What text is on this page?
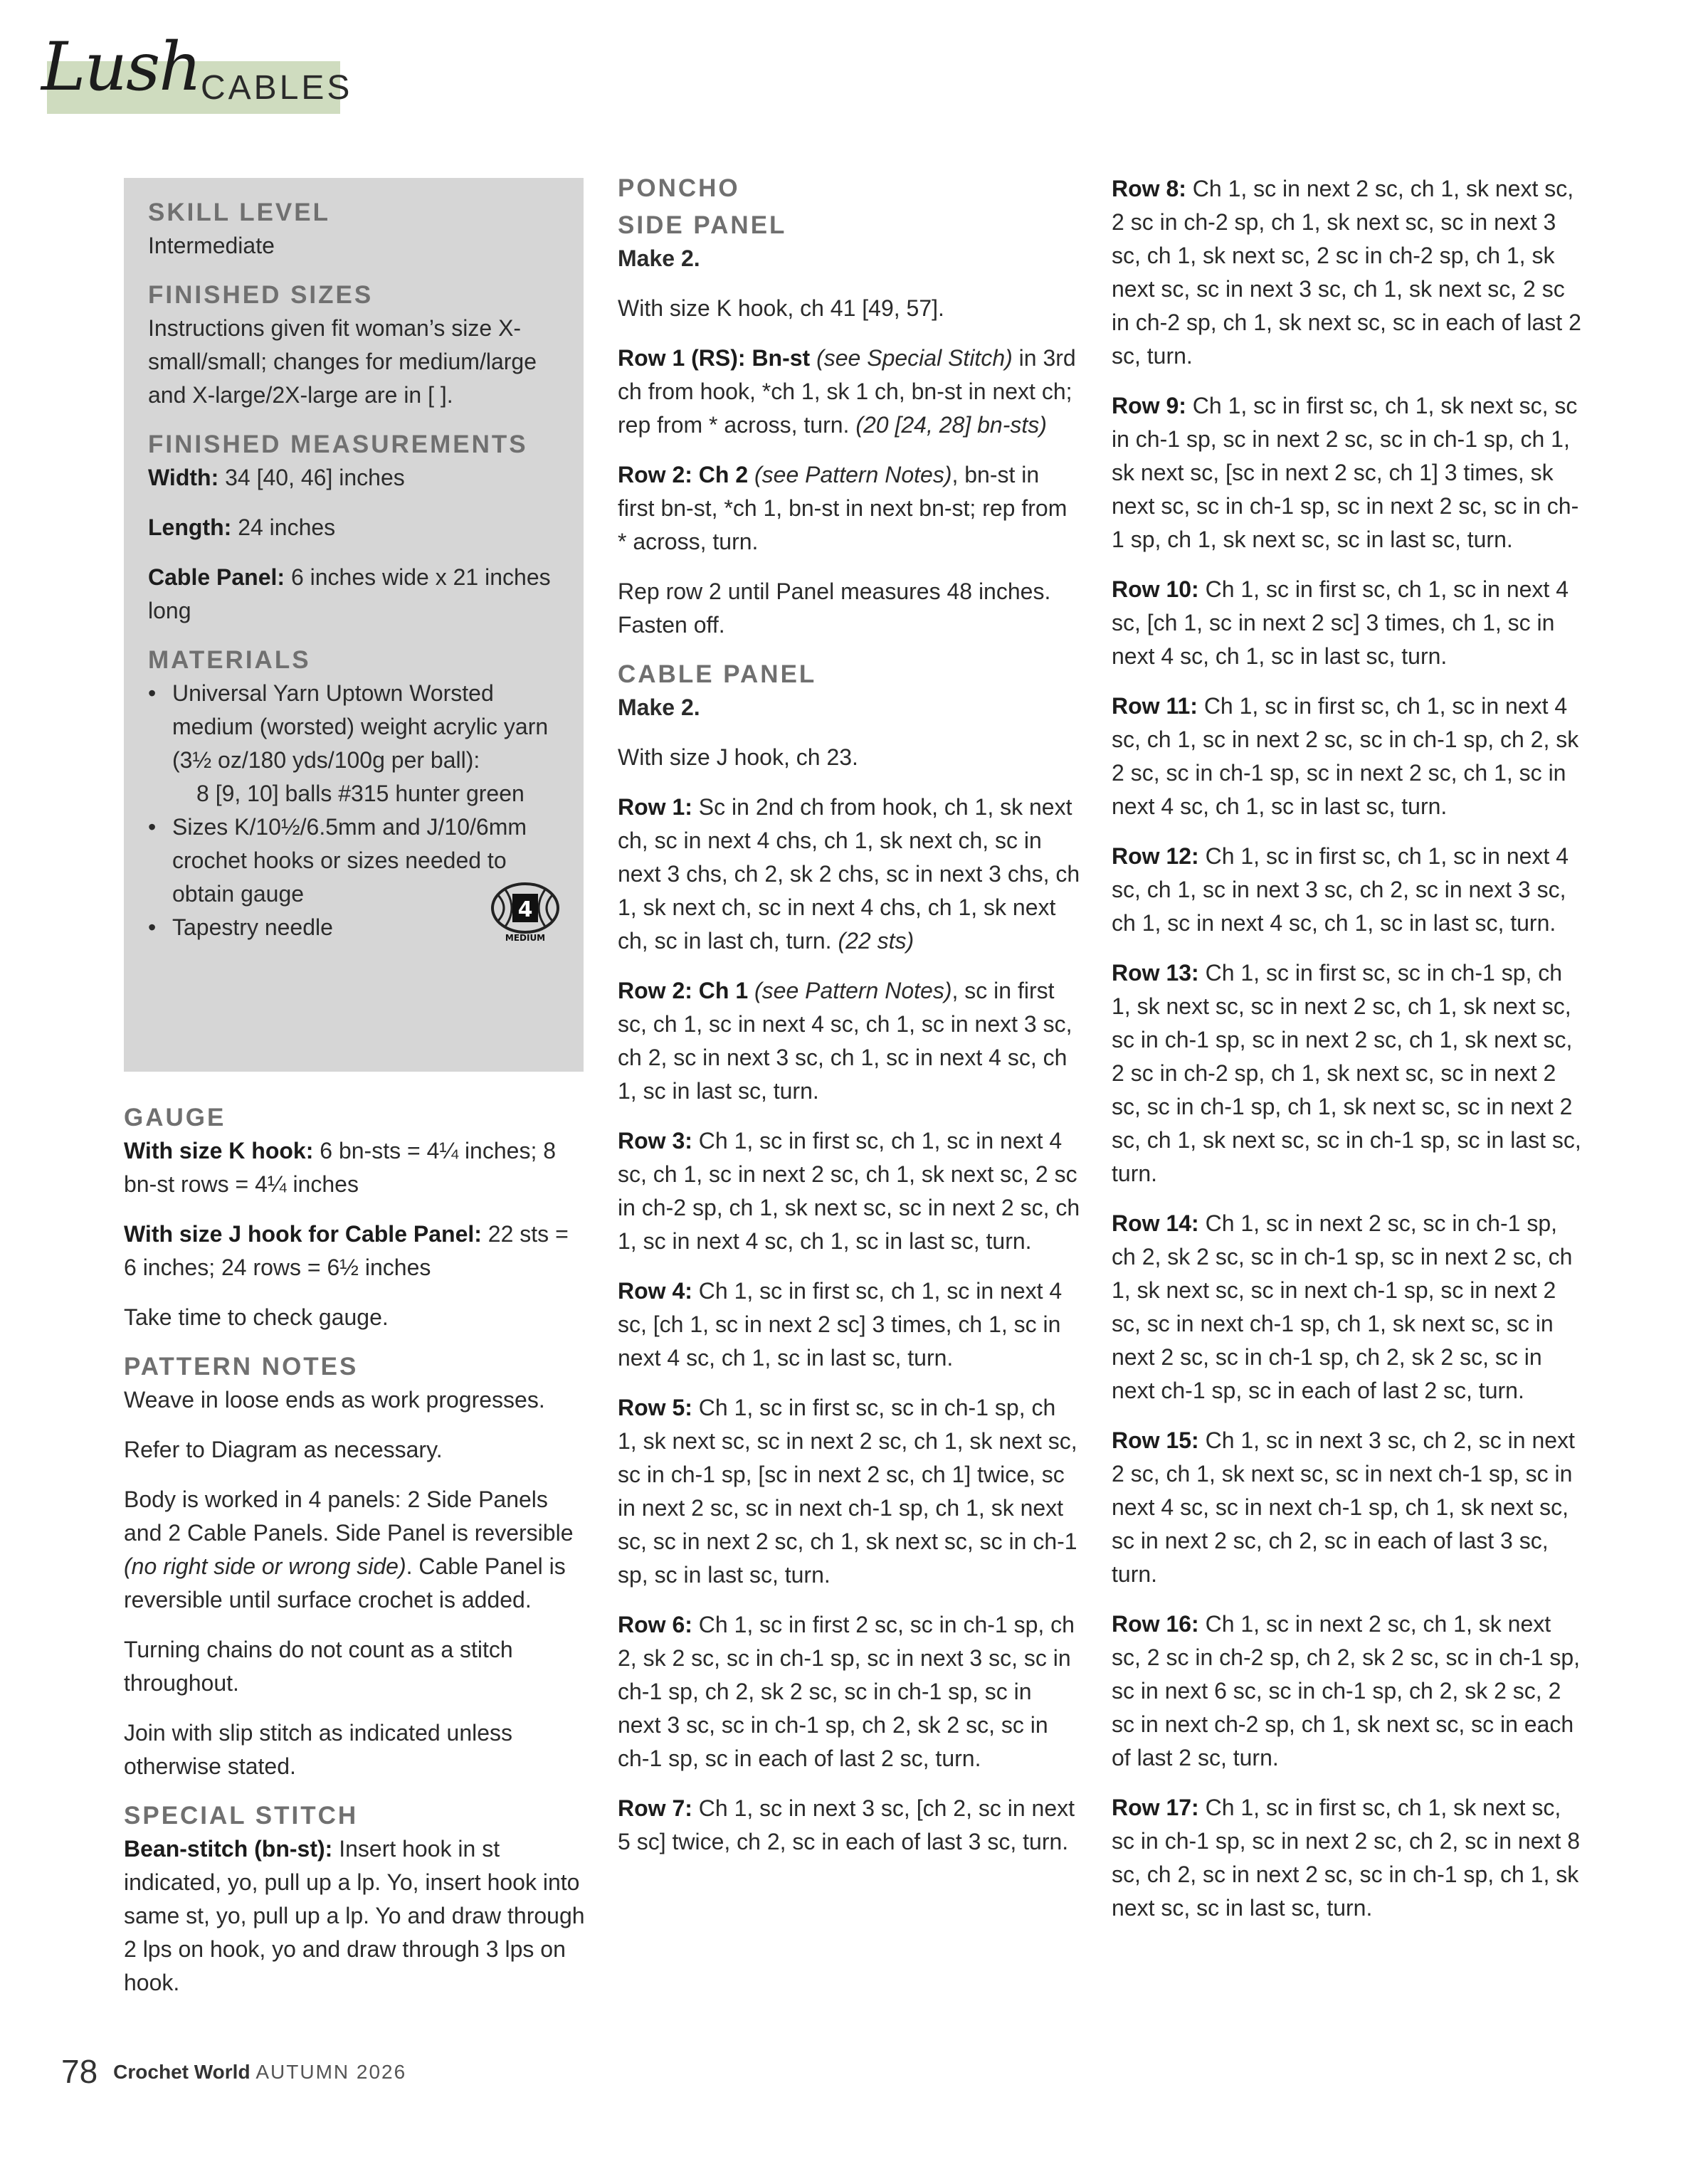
Lush CABLES
SKILL LEVEL

Intermediate

FINISHED SIZES

Instructions given fit woman’s size X-small/small; changes for medium/large and X-large/2X-large are in [ ].

FINISHED MEASUREMENTS

Width: 34 [40, 46] inches

Length: 24 inches

Cable Panel: 6 inches wide x 21 inches long

MATERIALS
• Universal Yarn Uptown Worsted medium (worsted) weight acrylic yarn (3½ oz/180 yds/100g per ball):
8 [9, 10] balls #315 hunter green
• Sizes K/10½/6.5mm and J/10/6mm crochet hooks or sizes needed to obtain gauge
• Tapestry needle
4
MEDIUM
GAUGE

With size K hook: 6 bn-sts = 4¼ inches; 8 bn-st rows = 4¼ inches

With size J hook for Cable Panel: 22 sts = 6 inches; 24 rows = 6½ inches

Take time to check gauge.

PATTERN NOTES

Weave in loose ends as work progresses.

Refer to Diagram as necessary.

Body is worked in 4 panels: 2 Side Panels and 2 Cable Panels. Side Panel is reversible (no right side or wrong side). Cable Panel is reversible until surface crochet is added.

Turning chains do not count as a stitch throughout.

Join with slip stitch as indicated unless otherwise stated.

SPECIAL STITCH

Bean-stitch (bn-st): Insert hook in st indicated, yo, pull up a lp. Yo, insert hook into same st, yo, pull up a lp. Yo and draw through 2 lps on hook, yo and draw through 3 lps on hook.

PONCHO
SIDE PANEL

Make 2.

With size K hook, ch 41 [49, 57].

Row 1 (RS): Bn-st (see Special Stitch) in 3rd ch from hook, *ch 1, sk 1 ch, bn-st in next ch; rep from * across, turn. (20 [24, 28] bn-sts)

Row 2: Ch 2 (see Pattern Notes), bn-st in first bn-st, *ch 1, bn-st in next bn-st; rep from * across, turn.

Rep row 2 until Panel measures 48 inches. Fasten off.

CABLE PANEL

Make 2.

With size J hook, ch 23.

Row 1: Sc in 2nd ch from hook, ch 1, sk next ch, sc in next 4 chs, ch 1, sk next ch, sc in next 3 chs, ch 2, sk 2 chs, sc in next 3 chs, ch 1, sk next ch, sc in next 4 chs, ch 1, sk next ch, sc in last ch, turn. (22 sts)

Row 2: Ch 1 (see Pattern Notes), sc in first sc, ch 1, sc in next 4 sc, ch 1, sc in next 3 sc, ch 2, sc in next 3 sc, ch 1, sc in next 4 sc, ch 1, sc in last sc, turn.

Row 3: Ch 1, sc in first sc, ch 1, sc in next 4 sc, ch 1, sc in next 2 sc, ch 1, sk next sc, 2 sc in ch-2 sp, ch 1, sk next sc, sc in next 2 sc, ch 1, sc in next 4 sc, ch 1, sc in last sc, turn.

Row 4: Ch 1, sc in first sc, ch 1, sc in next 4 sc, [ch 1, sc in next 2 sc] 3 times, ch 1, sc in next 4 sc, ch 1, sc in last sc, turn.

Row 5: Ch 1, sc in first sc, sc in ch-1 sp, ch 1, sk next sc, sc in next 2 sc, ch 1, sk next sc, sc in ch-1 sp, [sc in next 2 sc, ch 1] twice, sc in next 2 sc, sc in next ch-1 sp, ch 1, sk next sc, sc in next 2 sc, ch 1, sk next sc, sc in ch-1 sp, sc in last sc, turn.

Row 6: Ch 1, sc in first 2 sc, sc in ch-1 sp, ch 2, sk 2 sc, sc in ch-1 sp, sc in next 3 sc, sc in ch-1 sp, ch 2, sk 2 sc, sc in ch-1 sp, sc in next 3 sc, sc in ch-1 sp, ch 2, sk 2 sc, sc in ch-1 sp, sc in each of last 2 sc, turn.

Row 7: Ch 1, sc in next 3 sc, [ch 2, sc in next 5 sc] twice, ch 2, sc in each of last 3 sc, turn.

Row 8: Ch 1, sc in next 2 sc, ch 1, sk next sc, 2 sc in ch-2 sp, ch 1, sk next sc, sc in next 3 sc, ch 1, sk next sc, 2 sc in ch-2 sp, ch 1, sk next sc, sc in next 3 sc, ch 1, sk next sc, 2 sc in ch-2 sp, ch 1, sk next sc, sc in each of last 2 sc, turn.

Row 9: Ch 1, sc in first sc, ch 1, sk next sc, sc in ch-1 sp, sc in next 2 sc, sc in ch-1 sp, ch 1, sk next sc, [sc in next 2 sc, ch 1] 3 times, sk next sc, sc in ch-1 sp, sc in next 2 sc, sc in ch-1 sp, ch 1, sk next sc, sc in last sc, turn.

Row 10: Ch 1, sc in first sc, ch 1, sc in next 4 sc, [ch 1, sc in next 2 sc] 3 times, ch 1, sc in next 4 sc, ch 1, sc in last sc, turn.

Row 11: Ch 1, sc in first sc, ch 1, sc in next 4 sc, ch 1, sc in next 2 sc, sc in ch-1 sp, ch 2, sk 2 sc, sc in ch-1 sp, sc in next 2 sc, ch 1, sc in next 4 sc, ch 1, sc in last sc, turn.

Row 12: Ch 1, sc in first sc, ch 1, sc in next 4 sc, ch 1, sc in next 3 sc, ch 2, sc in next 3 sc, ch 1, sc in next 4 sc, ch 1, sc in last sc, turn.

Row 13: Ch 1, sc in first sc, sc in ch-1 sp, ch 1, sk next sc, sc in next 2 sc, ch 1, sk next sc, sc in ch-1 sp, sc in next 2 sc, ch 1, sk next sc, 2 sc in ch-2 sp, ch 1, sk next sc, sc in next 2 sc, sc in ch-1 sp, ch 1, sk next sc, sc in next 2 sc, ch 1, sk next sc, sc in ch-1 sp, sc in last sc, turn.

Row 14: Ch 1, sc in next 2 sc, sc in ch-1 sp, ch 2, sk 2 sc, sc in ch-1 sp, sc in next 2 sc, ch 1, sk next sc, sc in next ch-1 sp, sc in next 2 sc, sc in next ch-1 sp, ch 1, sk next sc, sc in next 2 sc, sc in ch-1 sp, ch 2, sk 2 sc, sc in next ch-1 sp, sc in each of last 2 sc, turn.

Row 15: Ch 1, sc in next 3 sc, ch 2, sc in next 2 sc, ch 1, sk next sc, sc in next ch-1 sp, sc in next 4 sc, sc in next ch-1 sp, ch 1, sk next sc, sc in next 2 sc, ch 2, sc in each of last 3 sc, turn.

Row 16: Ch 1, sc in next 2 sc, ch 1, sk next sc, 2 sc in ch-2 sp, ch 2, sk 2 sc, sc in ch-1 sp, sc in next 6 sc, sc in ch-1 sp, ch 2, sk 2 sc, 2 sc in next ch-2 sp, ch 1, sk next sc, sc in each of last 2 sc, turn.

Row 17: Ch 1, sc in first sc, ch 1, sk next sc, sc in ch-1 sp, sc in next 2 sc, ch 2, sc in next 8 sc, ch 2, sc in next 2 sc, sc in ch-1 sp, ch 1, sk next sc, sc in last sc, turn.

78 Crochet World AUTUMN 2026
